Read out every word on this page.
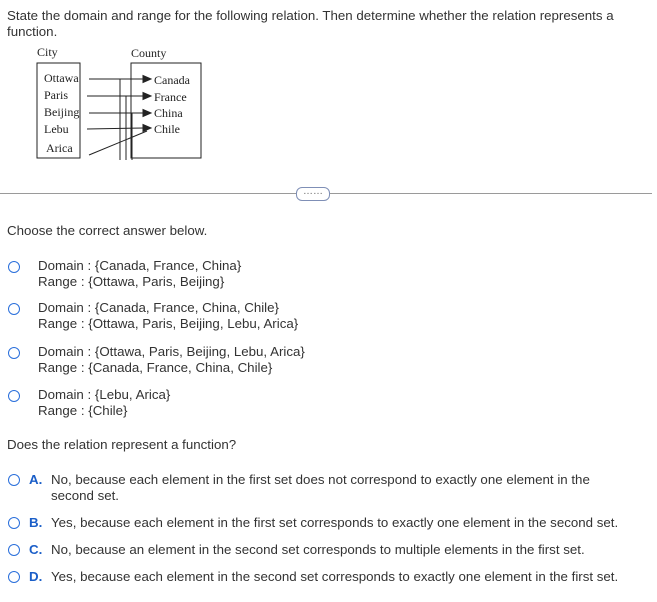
State the domain and range for the following relation. Then determine whether the relation represents a function.
City	County
Ottawa
Paris
Beijing
Lebu
Arica
Canada
France
China
Chile
……
Choose the correct answer below.
Domain : {Canada, France, China}
Range : {Ottawa, Paris, Beijing}
Domain : {Canada, France, China, Chile}
Range : {Ottawa, Paris, Beijing, Lebu, Arica}
Domain : {Ottawa, Paris, Beijing, Lebu, Arica}
Range : {Canada, France, China, Chile}
Domain : {Lebu, Arica}
Range : {Chile}
Does the relation represent a function?
A. No, because each element in the first set does not correspond to exactly one element in the second set.
B. Yes, because each element in the first set corresponds to exactly one element in the second set.
C. No, because an element in the second set corresponds to multiple elements in the first set.
D. Yes, because each element in the second set corresponds to exactly one element in the first set.
